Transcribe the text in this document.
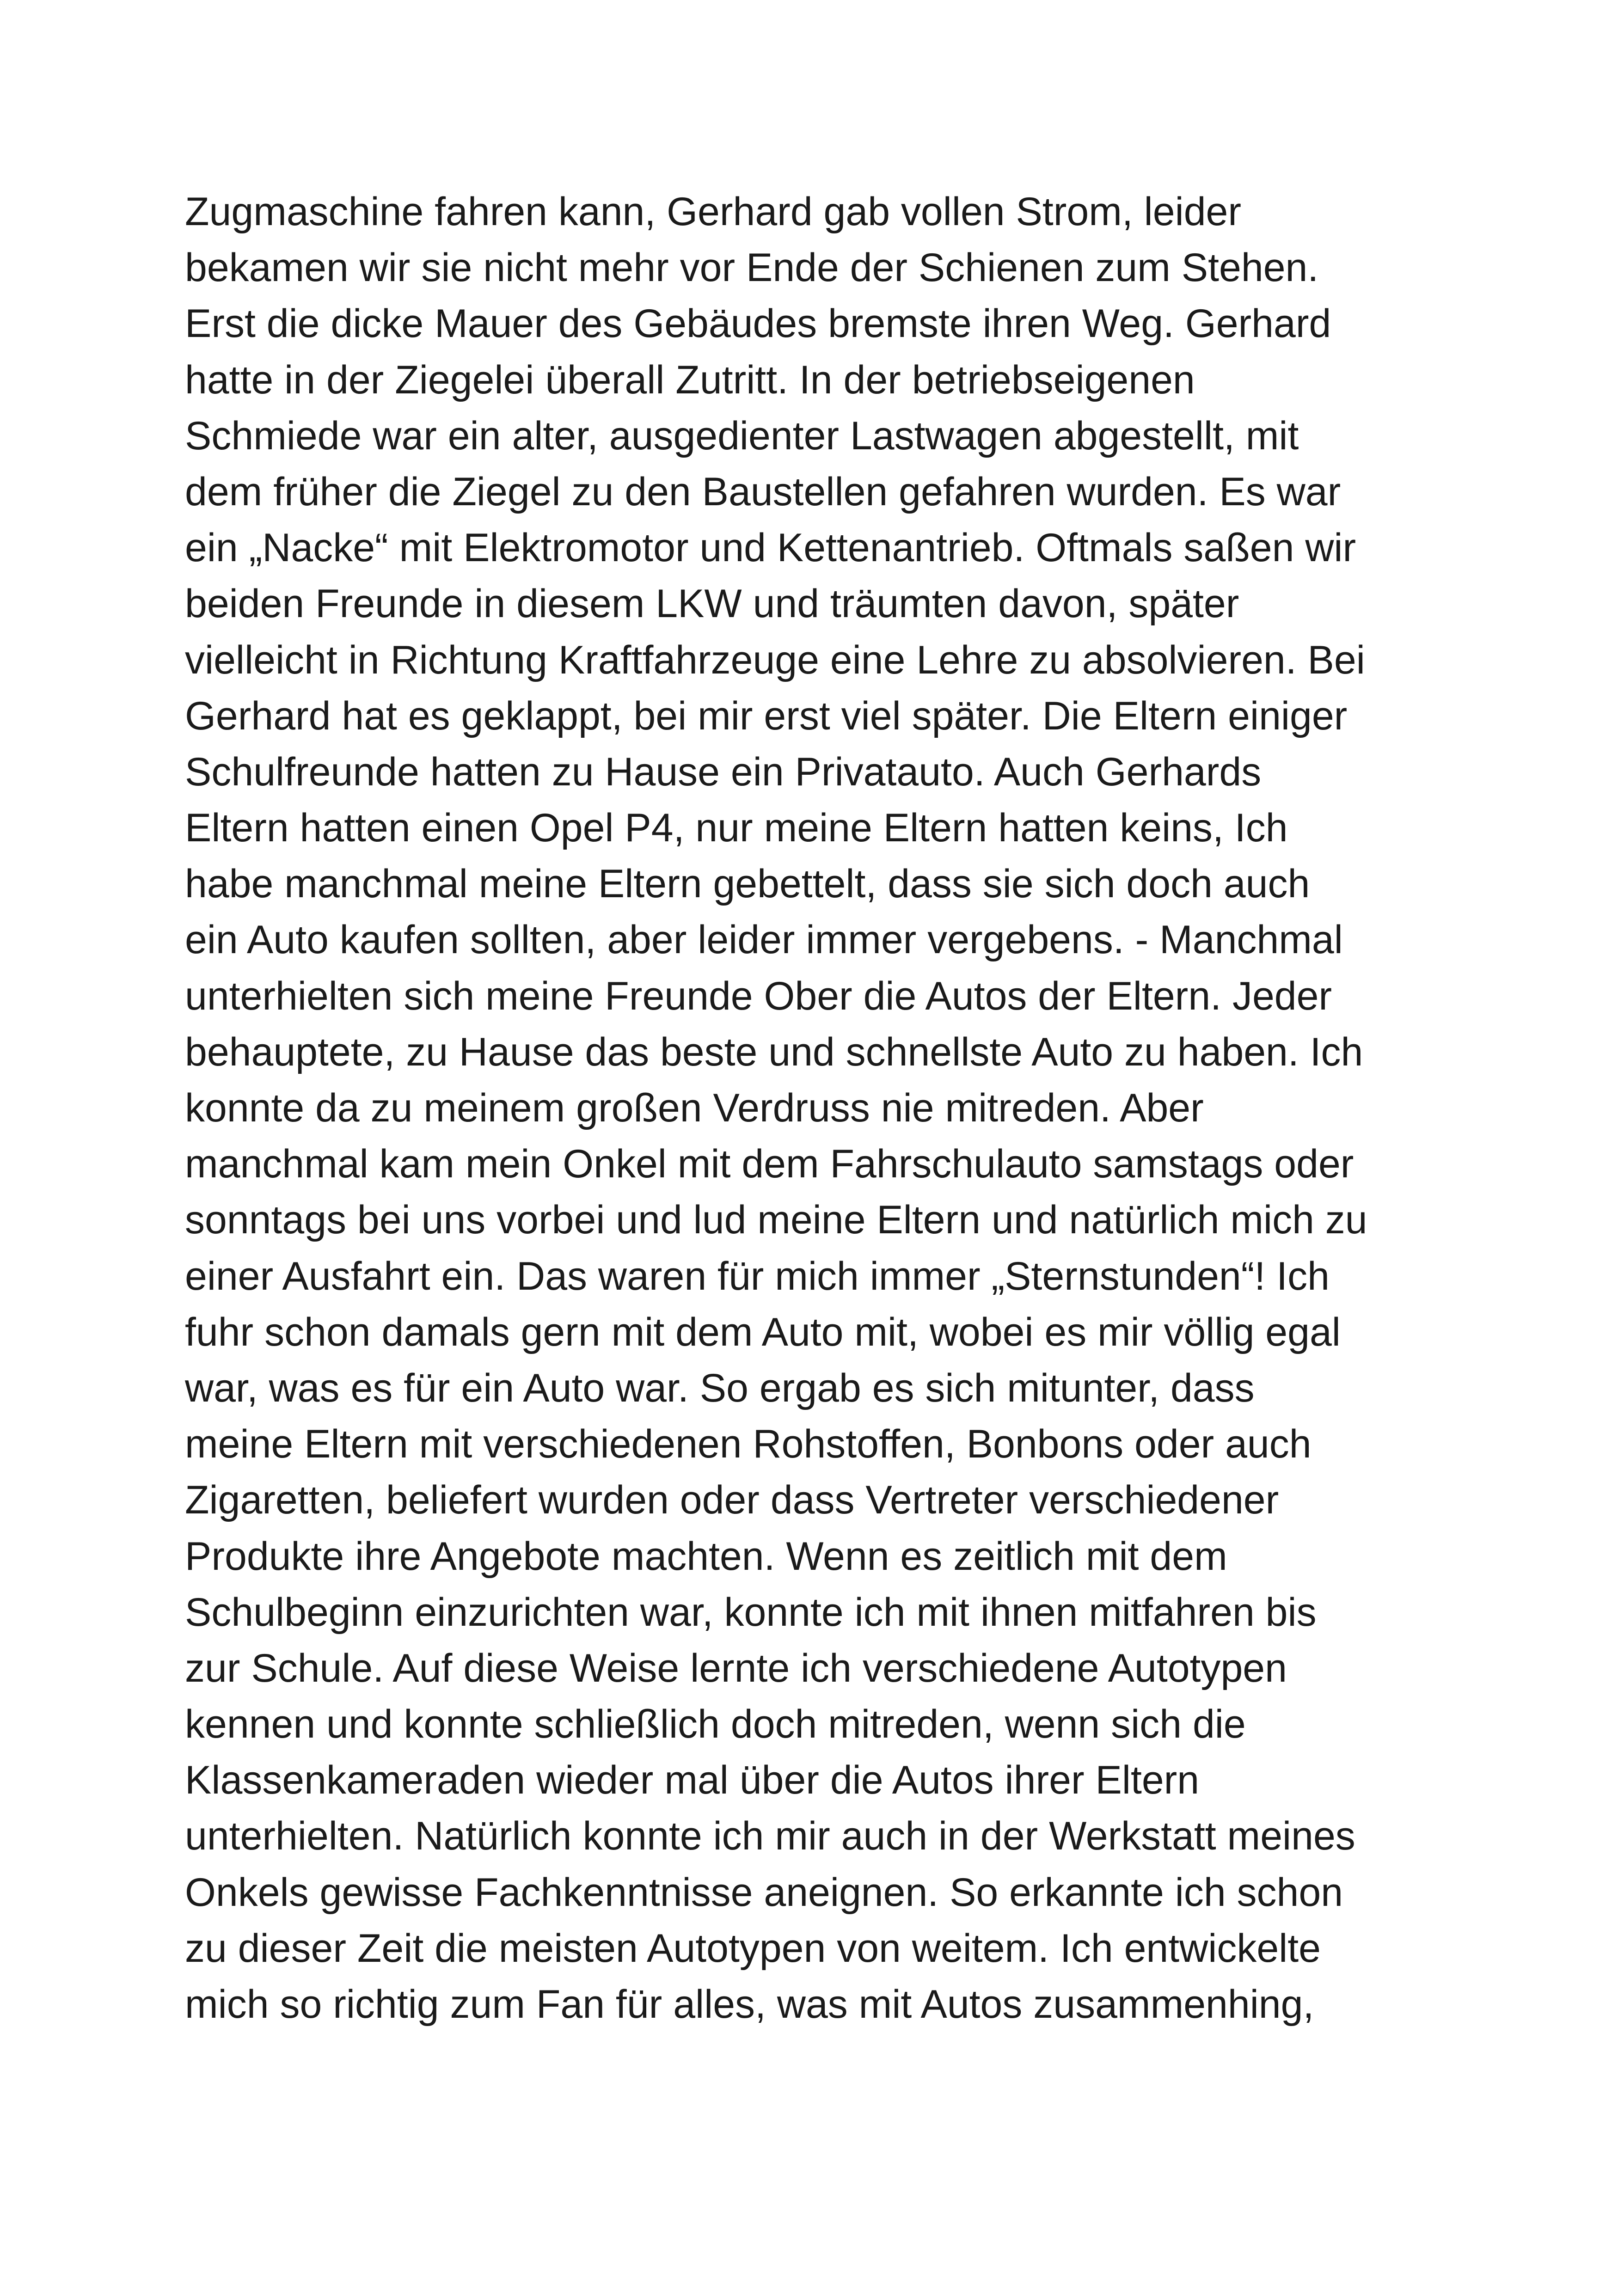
Zugmaschine fahren kann, Gerhard gab vollen Strom, leider
bekamen wir sie nicht mehr vor Ende der Schienen zum Stehen.
Erst die dicke Mauer des Gebäudes bremste ihren Weg. Gerhard
hatte in der Ziegelei überall Zutritt. In der betriebseigenen
Schmiede war ein alter, ausgedienter Lastwagen abgestellt, mit
dem früher die Ziegel zu den Baustellen gefahren wurden. Es war
ein „Nacke“ mit Elektromotor und Kettenantrieb. Oftmals saßen wir
beiden Freunde in diesem LKW und träumten davon, später
vielleicht in Richtung Kraftfahrzeuge eine Lehre zu absolvieren. Bei
Gerhard hat es geklappt, bei mir erst viel später. Die Eltern einiger
Schulfreunde hatten zu Hause ein Privatauto. Auch Gerhards
Eltern hatten einen Opel P4, nur meine Eltern hatten keins, Ich
habe manchmal meine Eltern gebettelt, dass sie sich doch auch
ein Auto kaufen sollten, aber leider immer vergebens. - Manchmal
unterhielten sich meine Freunde Ober die Autos der Eltern. Jeder
behauptete, zu Hause das beste und schnellste Auto zu haben. Ich
konnte da zu meinem großen Verdruss nie mitreden. Aber
manchmal kam mein Onkel mit dem Fahrschulauto samstags oder
sonntags bei uns vorbei und lud meine Eltern und natürlich mich zu
einer Ausfahrt ein. Das waren für mich immer „Sternstunden“! Ich
fuhr schon damals gern mit dem Auto mit, wobei es mir völlig egal
war, was es für ein Auto war. So ergab es sich mitunter, dass
meine Eltern mit verschiedenen Rohstoffen, Bonbons oder auch
Zigaretten, beliefert wurden oder dass Vertreter verschiedener
Produkte ihre Angebote machten. Wenn es zeitlich mit dem
Schulbeginn einzurichten war, konnte ich mit ihnen mitfahren bis
zur Schule. Auf diese Weise lernte ich verschiedene Autotypen
kennen und konnte schließlich doch mitreden, wenn sich die
Klassenkameraden wieder mal über die Autos ihrer Eltern
unterhielten. Natürlich konnte ich mir auch in der Werkstatt meines
Onkels gewisse Fachkenntnisse aneignen. So erkannte ich schon
zu dieser Zeit die meisten Autotypen von weitem. Ich entwickelte
mich so richtig zum Fan für alles, was mit Autos zusammenhing,
